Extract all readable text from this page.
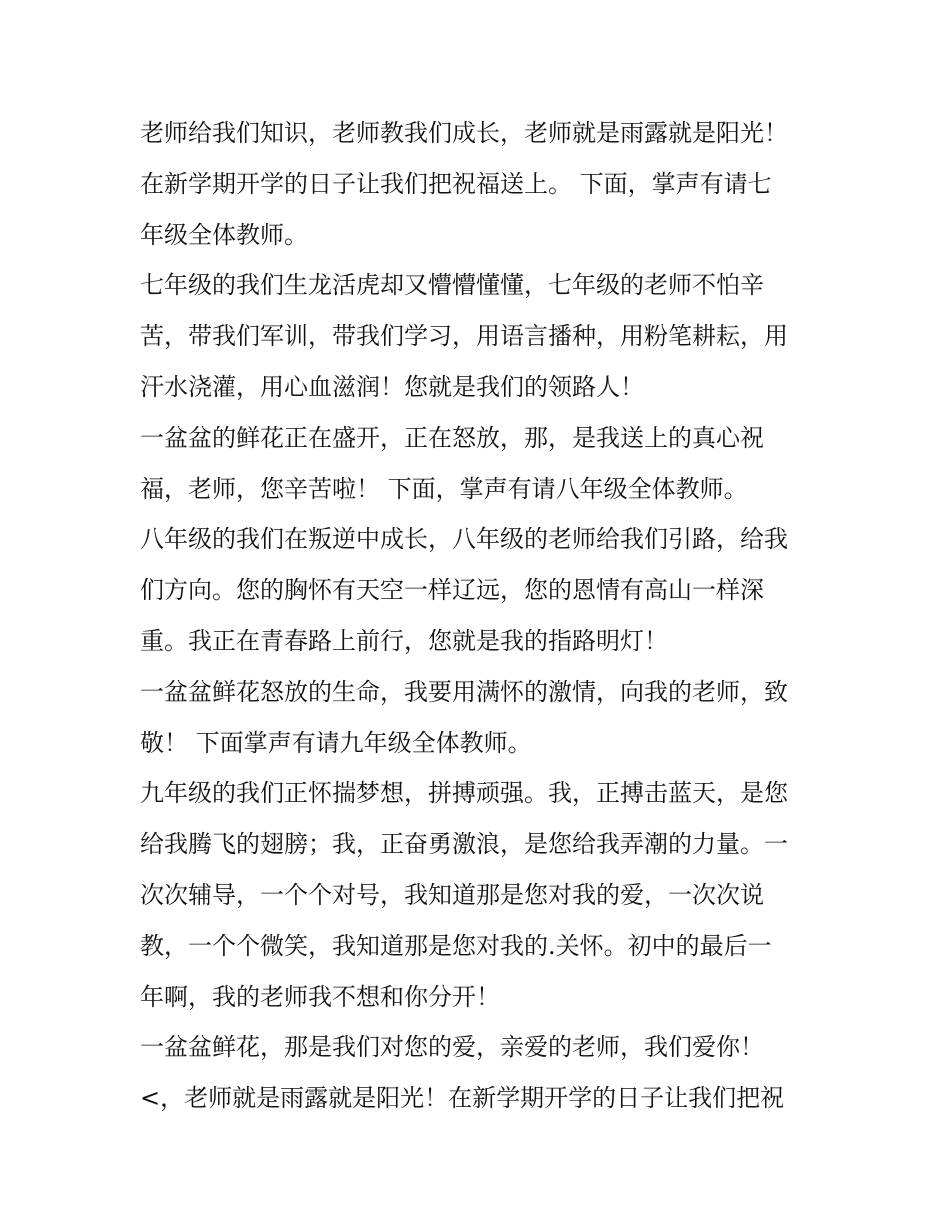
老师给我们知识，老师教我们成长，老师就是雨露就是阳光！
在新学期开学的日子让我们把祝福送上。 下面，掌声有请七
年级全体教师。
七年级的我们生龙活虎却又懵懵懂懂，七年级的老师不怕辛
苦，带我们军训，带我们学习，用语言播种，用粉笔耕耘，用
汗水浇灌，用心血滋润！您就是我们的领路人！
一盆盆的鲜花正在盛开，正在怒放，那，是我送上的真心祝
福，老师，您辛苦啦！ 下面，掌声有请八年级全体教师。
八年级的我们在叛逆中成长，八年级的老师给我们引路，给我
们方向。您的胸怀有天空一样辽远，您的恩情有高山一样深
重。我正在青春路上前行，您就是我的指路明灯！
一盆盆鲜花怒放的生命，我要用满怀的激情，向我的老师，致
敬！ 下面掌声有请九年级全体教师。
九年级的我们正怀揣梦想，拼搏顽强。我，正搏击蓝天，是您
给我腾飞的翅膀；我，正奋勇激浪，是您给我弄潮的力量。一
次次辅导，一个个对号，我知道那是您对我的爱，一次次说
教，一个个微笑，我知道那是您对我的.关怀。初中的最后一
年啊，我的老师我不想和你分开！
一盆盆鲜花，那是我们对您的爱，亲爱的老师，我们爱你！
<，老师就是雨露就是阳光！在新学期开学的日子让我们把祝
